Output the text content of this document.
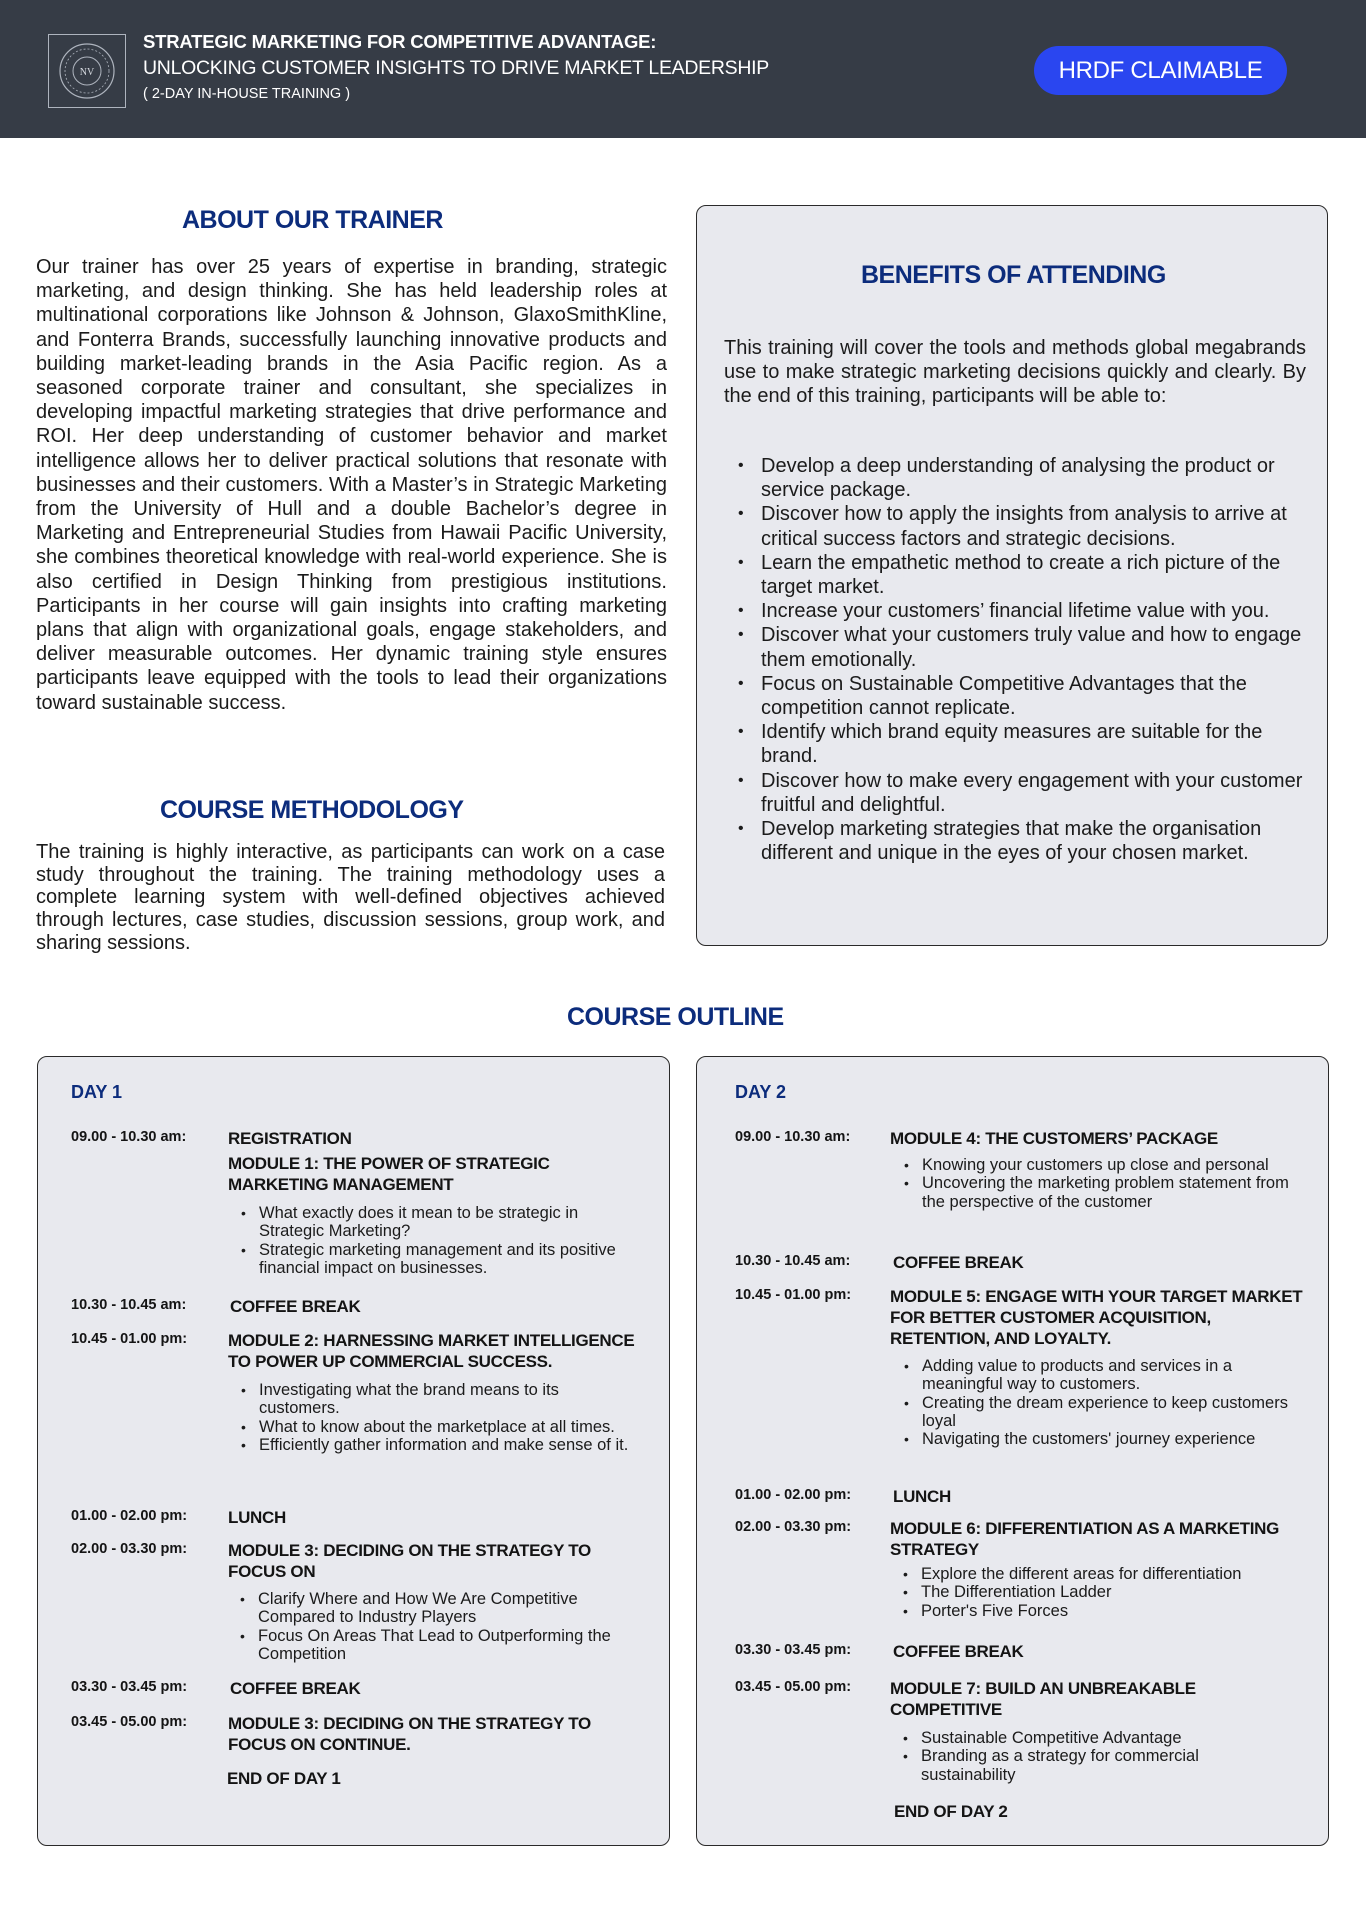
NV
STRATEGIC MARKETING FOR COMPETITIVE ADVANTAGE:
UNLOCKING CUSTOMER INSIGHTS TO DRIVE MARKET LEADERSHIP
( 2-DAY IN-HOUSE TRAINING )
HRDF CLAIMABLE
ABOUT OUR TRAINER
Our trainer has over 25 years of expertise in branding, strategic marketing, and design thinking. She has held leadership roles at multinational corporations like Johnson & Johnson, GlaxoSmithKline, and Fonterra Brands, successfully launching innovative products and building market-leading brands in the Asia Pacific region. As a seasoned corporate trainer and consultant, she specializes in developing impactful marketing strategies that drive performance and ROI. Her deep understanding of customer behavior and market intelligence allows her to deliver practical solutions that resonate with businesses and their customers. With a Master’s in Strategic Marketing from the University of Hull and a double Bachelor’s degree in Marketing and Entrepreneurial Studies from Hawaii Pacific University, she combines theoretical knowledge with real-world experience. She is also certified in Design Thinking from prestigious institutions. Participants in her course will gain insights into crafting marketing plans that align with organizational goals, engage stakeholders, and deliver measurable outcomes. Her dynamic training style ensures participants leave equipped with the tools to lead their organizations toward sustainable success.
COURSE METHODOLOGY
The training is highly interactive, as participants can work on a case study throughout the training. The training methodology uses a complete learning system with well-defined objectives achieved through lectures, case studies, discussion sessions, group work, and sharing sessions.
BENEFITS OF ATTENDING
This training will cover the tools and methods global megabrands use to make strategic marketing decisions quickly and clearly. By the end of this training, participants will be able to:
• Develop a deep understanding of analysing the product or service package.
• Discover how to apply the insights from analysis to arrive at critical success factors and strategic decisions.
• Learn the empathetic method to create a rich picture of the target market.
• Increase your customers’ financial lifetime value with you.
• Discover what your customers truly value and how to engage them emotionally.
• Focus on Sustainable Competitive Advantages that the competition cannot replicate.
• Identify which brand equity measures are suitable for the brand.
• Discover how to make every engagement with your customer fruitful and delightful.
• Develop marketing strategies that make the organisation different and unique in the eyes of your chosen market.
COURSE OUTLINE
DAY 1
09.00 - 10.30 am: REGISTRATION
MODULE 1: THE POWER OF STRATEGIC MARKETING MANAGEMENT
• What exactly does it mean to be strategic in Strategic Marketing?
• Strategic marketing management and its positive financial impact on businesses.
10.30 - 10.45 am:	COFFEE BREAK
10.45 - 01.00 pm: MODULE 2: HARNESSING MARKET INTELLIGENCE TO POWER UP COMMERCIAL SUCCESS.
• Investigating what the brand means to its customers.
• What to know about the marketplace at all times.
• Efficiently gather information and make sense of it.
01.00 - 02.00 pm: LUNCH
02.00 - 03.30 pm: MODULE 3: DECIDING ON THE STRATEGY TO FOCUS ON
• Clarify Where and How We Are Competitive Compared to Industry Players
• Focus On Areas That Lead to Outperforming the Competition
03.30 - 03.45 pm:	COFFEE BREAK
03.45 - 05.00 pm: MODULE 3: DECIDING ON THE STRATEGY TO FOCUS ON CONTINUE.
END OF DAY 1
DAY 2
09.00 - 10.30 am: MODULE 4: THE CUSTOMERS’ PACKAGE
• Knowing your customers up close and personal
• Uncovering the marketing problem statement from the perspective of the customer
10.30 - 10.45 am:	COFFEE BREAK
10.45 - 01.00 pm: MODULE 5: ENGAGE WITH YOUR TARGET MARKET FOR BETTER CUSTOMER ACQUISITION, RETENTION, AND LOYALTY.
• Adding value to products and services in a meaningful way to customers.
• Creating the dream experience to keep customers loyal
• Navigating the customers' journey experience
01.00 - 02.00 pm: LUNCH
02.00 - 03.30 pm: MODULE 6: DIFFERENTIATION AS A MARKETING STRATEGY
• Explore the different areas for differentiation
• The Differentiation Ladder
• Porter's Five Forces
03.30 - 03.45 pm: COFFEE BREAK
03.45 - 05.00 pm: MODULE 7: BUILD AN UNBREAKABLE COMPETITIVE
• Sustainable Competitive Advantage
• Branding as a strategy for commercial sustainability
END OF DAY 2
